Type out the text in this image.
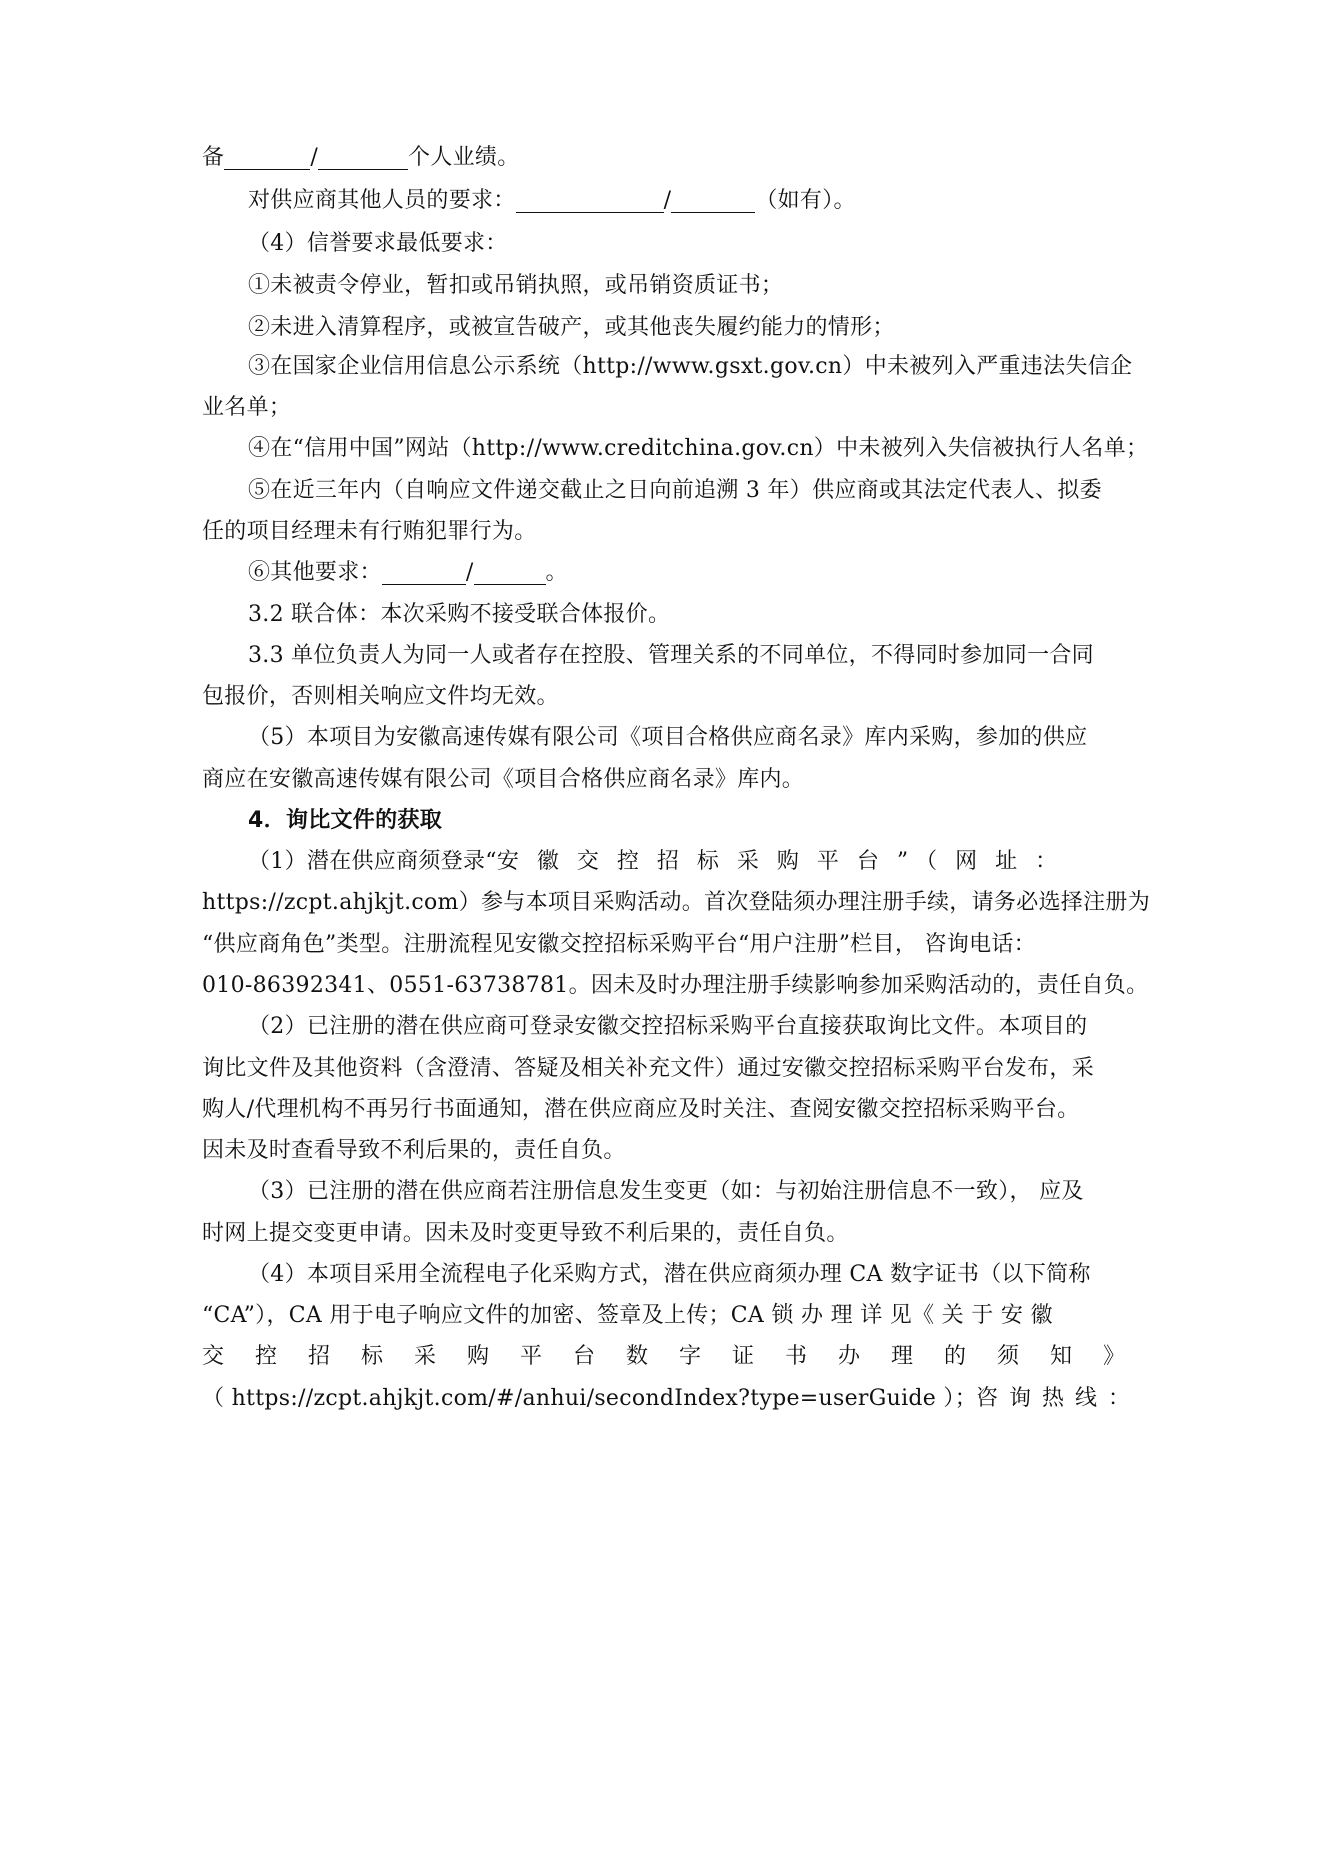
备	/	个人业绩。
对供应商其他人员的要求：	/	（如有）。
（4）信誉要求最低要求：
①未被责令停业，暂扣或吊销执照，或吊销资质证书；
②未进入清算程序，或被宣告破产，或其他丧失履约能力的情形；
③在国家企业信用信息公示系统（http://www.gsxt.gov.cn）中未被列入严重违法失信企
业名单；
④在“信用中国”网站（http://www.creditchina.gov.cn）中未被列入失信被执行人名单；
⑤在近三年内（自响应文件递交截止之日向前追溯 3 年）供应商或其法定代表人、拟委
任的项目经理未有行贿犯罪行为。
⑥其他要求：	/	。
3.2 联合体：本次采购不接受联合体报价。
3.3 单位负责人为同一人或者存在控股、管理关系的不同单位，不得同时参加同一合同
包报价，否则相关响应文件均无效。
（5）本项目为安徽高速传媒有限公司《项目合格供应商名录》库内采购，参加的供应
商应在安徽高速传媒有限公司《项目合格供应商名录》库内。
4．询比文件的获取
（1）潜在供应商须登录“安徽交控招标采购平台”（网址：
https://zcpt.ahjkjt.com）参与本项目采购活动。首次登陆须办理注册手续，请务必选择注册为
“供应商角色”类型。注册流程见安徽交控招标采购平台“用户注册”栏目， 咨询电话：
010-86392341、0551-63738781。因未及时办理注册手续影响参加采购活动的，责任自负。
（2）已注册的潜在供应商可登录安徽交控招标采购平台直接获取询比文件。本项目的
询比文件及其他资料（含澄清、答疑及相关补充文件）通过安徽交控招标采购平台发布，采
购人/代理机构不再另行书面通知，潜在供应商应及时关注、查阅安徽交控招标采购平台。
因未及时查看导致不利后果的，责任自负。
（3）已注册的潜在供应商若注册信息发生变更（如：与初始注册信息不一致）， 应及
时网上提交变更申请。因未及时变更导致不利后果的，责任自负。
（4）本项目采用全流程电子化采购方式，潜在供应商须办理 CA 数字证书（以下简称
“CA”），CA 用于电子响应文件的加密、签章及上传；CA 锁 办 理 详 见《 关 于 安 徽
交控招标采购平台数字证书办理的须知》
（ https://zcpt.ahjkjt.com/#/anhui/secondIndex?type=userGuide ）； 咨 询 热 线 ：
